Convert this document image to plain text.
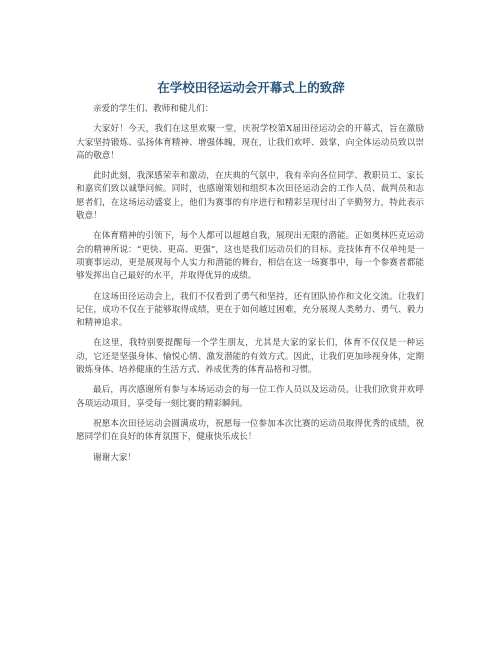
在学校田径运动会开幕式上的致辞

亲爱的学生们、教师和健儿们：

大家好！今天，我们在这里欢聚一堂，庆祝学校第X届田径运动会的开幕式，旨在激励大家坚持锻炼、弘扬体育精神、增强体魄，现在，让我们欢呼、鼓掌，向全体运动员致以崇高的敬意！

此时此刻，我深感荣幸和激动，在庆典的气氛中，我有幸向各位同学、教职员工、家长和嘉宾们致以诚挚问候。同时，也感谢策划和组织本次田径运动会的工作人员、裁判员和志愿者们，在这场运动盛宴上，他们为赛事的有序进行和精彩呈现付出了辛勤努力，特此表示敬意！

在体育精神的引领下，每个人都可以超越自我，展现出无限的潜能。正如奥林匹克运动会的精神所说：“更快、更高、更强”，这也是我们运动员们的目标。竞技体育不仅单纯是一项赛事运动，更是展现每个人实力和潜能的舞台，相信在这一场赛事中，每一个参赛者都能够发挥出自己最好的水平，并取得优异的成绩。

在这场田径运动会上，我们不仅看到了勇气和坚持，还有团队协作和文化交流。让我们记住，成功不仅在于能够取得成绩，更在于如何越过困难，充分展现人类勢力、勇气、毅力和精神追求。

在这里，我特别要提醒每一个学生朋友，尤其是大家的家长们，体育不仅仅是一种运动，它还是坚强身体、愉悦心情、激发潜能的有效方式。因此，让我们更加珍视身体，定期锻炼身体、培养健康的生活方式、养成优秀的体育品格和习惯。

最后，再次感谢所有参与本场运动会的每一位工作人员以及运动员。让我们欣赏并欢呼各项运动项目，享受每一刻比赛的精彩瞬间。

祝愿本次田径运动会圆满成功，祝愿每一位参加本次比赛的运动员取得优秀的成绩，祝愿同学们在良好的体育氛围下，健康快乐成长！

谢谢大家！
